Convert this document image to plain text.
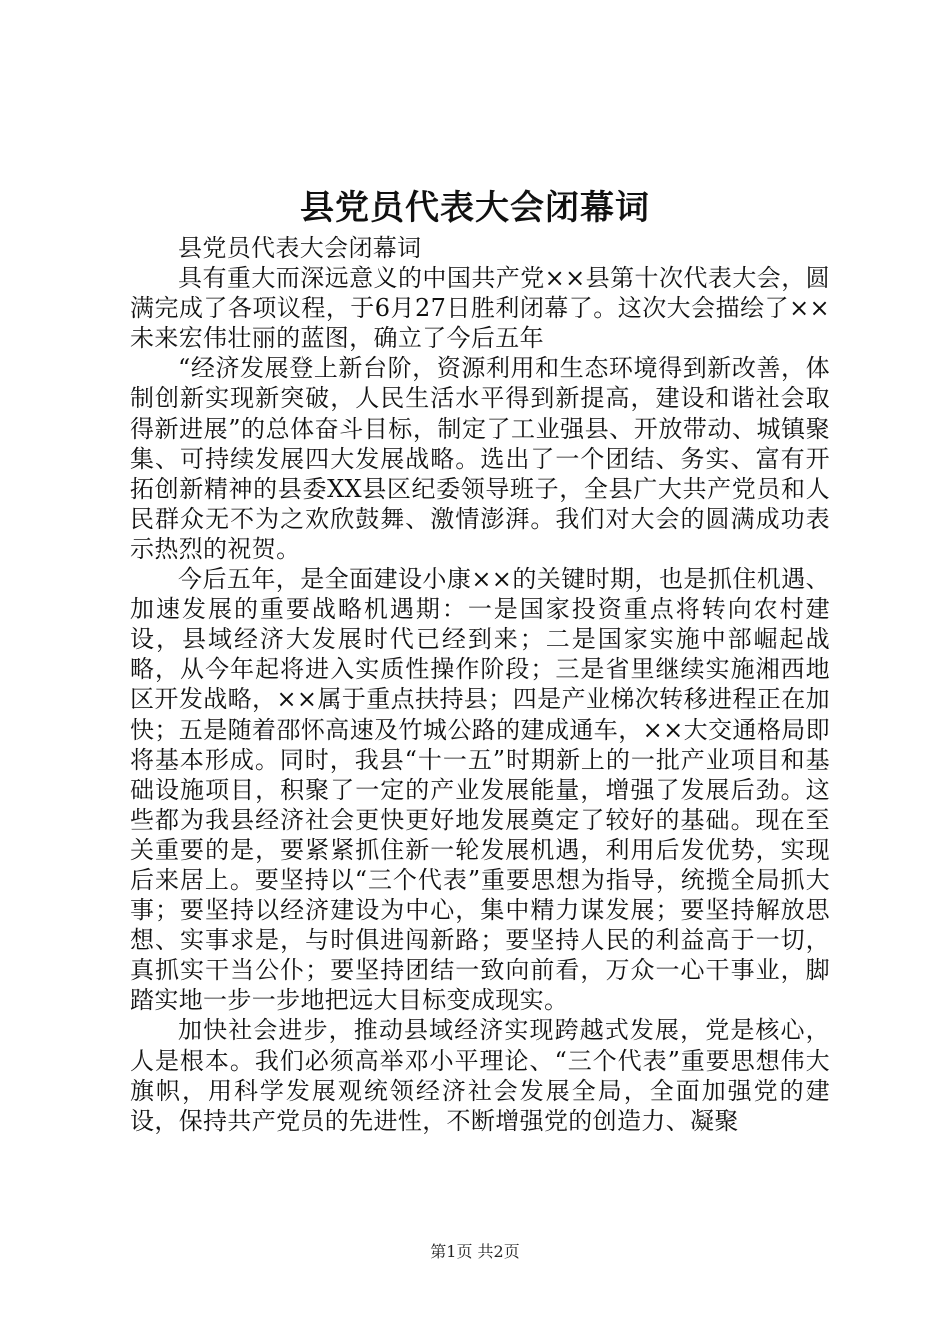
县党员代表大会闭幕词

县党员代表大会闭幕词

具有重大而深远意义的中国共产党××县第十次代表大会，圆满完成了各项议程，于6月27日胜利闭幕了。这次大会描绘了××未来宏伟壮丽的蓝图，确立了今后五年

“经济发展登上新台阶，资源利用和生态环境得到新改善，体制创新实现新突破，人民生活水平得到新提高，建设和谐社会取得新进展”的总体奋斗目标，制定了工业强县、开放带动、城镇聚集、可持续发展四大发展战略。选出了一个团结、务实、富有开拓创新精神的县委XX县区纪委领导班子，全县广大共产党员和人民群众无不为之欢欣鼓舞、激情澎湃。我们对大会的圆满成功表示热烈的祝贺。

今后五年，是全面建设小康××的关键时期，也是抓住机遇、加速发展的重要战略机遇期：一是国家投资重点将转向农村建设，县域经济大发展时代已经到来；二是国家实施中部崛起战略，从今年起将进入实质性操作阶段；三是省里继续实施湘西地区开发战略，××属于重点扶持县；四是产业梯次转移进程正在加快；五是随着邵怀高速及竹城公路的建成通车，××大交通格局即将基本形成。同时，我县“十一五”时期新上的一批产业项目和基础设施项目，积聚了一定的产业发展能量，增强了发展后劲。这些都为我县经济社会更快更好地发展奠定了较好的基础。现在至关重要的是，要紧紧抓住新一轮发展机遇，利用后发优势，实现后来居上。要坚持以“三个代表”重要思想为指导，统揽全局抓大事；要坚持以经济建设为中心，集中精力谋发展；要坚持解放思想、实事求是，与时俱进闯新路；要坚持人民的利益高于一切，真抓实干当公仆；要坚持团结一致向前看，万众一心干事业，脚踏实地一步一步地把远大目标变成现实。

加快社会进步，推动县域经济实现跨越式发展，党是核心，人是根本。我们必须高举邓小平理论、“三个代表”重要思想伟大旗帜，用科学发展观统领经济社会发展全局，全面加强党的建设，保持共产党员的先进性，不断增强党的创造力、凝聚

第1页 共2页
